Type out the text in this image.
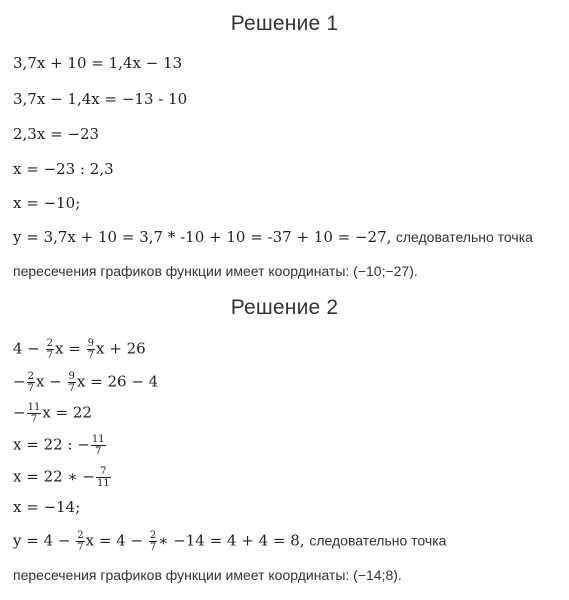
Решение 1
3,7x + 10 = 1,4x − 13
3,7x − 1,4x = −13 - 10
2,3x = −23
x = −23 : 2,3
x = −10;
y = 3,7x + 10 = 3,7 * -10 + 10 = -37 + 10 = −27, следовательно точка
пересечения графиков функции имеет координаты: (−10;−27).
Решение 2
$4 - \frac{2}{7}$ $x = \frac{9}{7}$ x + 26
− $\frac{2}{7}$ $x - \frac{9}{7}$ x = 26 − 4
− $\frac{11}{7}$ x = 22
x = 22 : − $\frac{11}{7}$
x = 22 ∗ − $\frac{7}{11}$
x = −14;
$y = 4 - \frac{2}{7}$ $x = 4 - \frac{2}{7}$ ∗ −14 = 4 + 4 = 8, следовательно точка
пересечения графиков функции имеет координаты: (−14;8).
